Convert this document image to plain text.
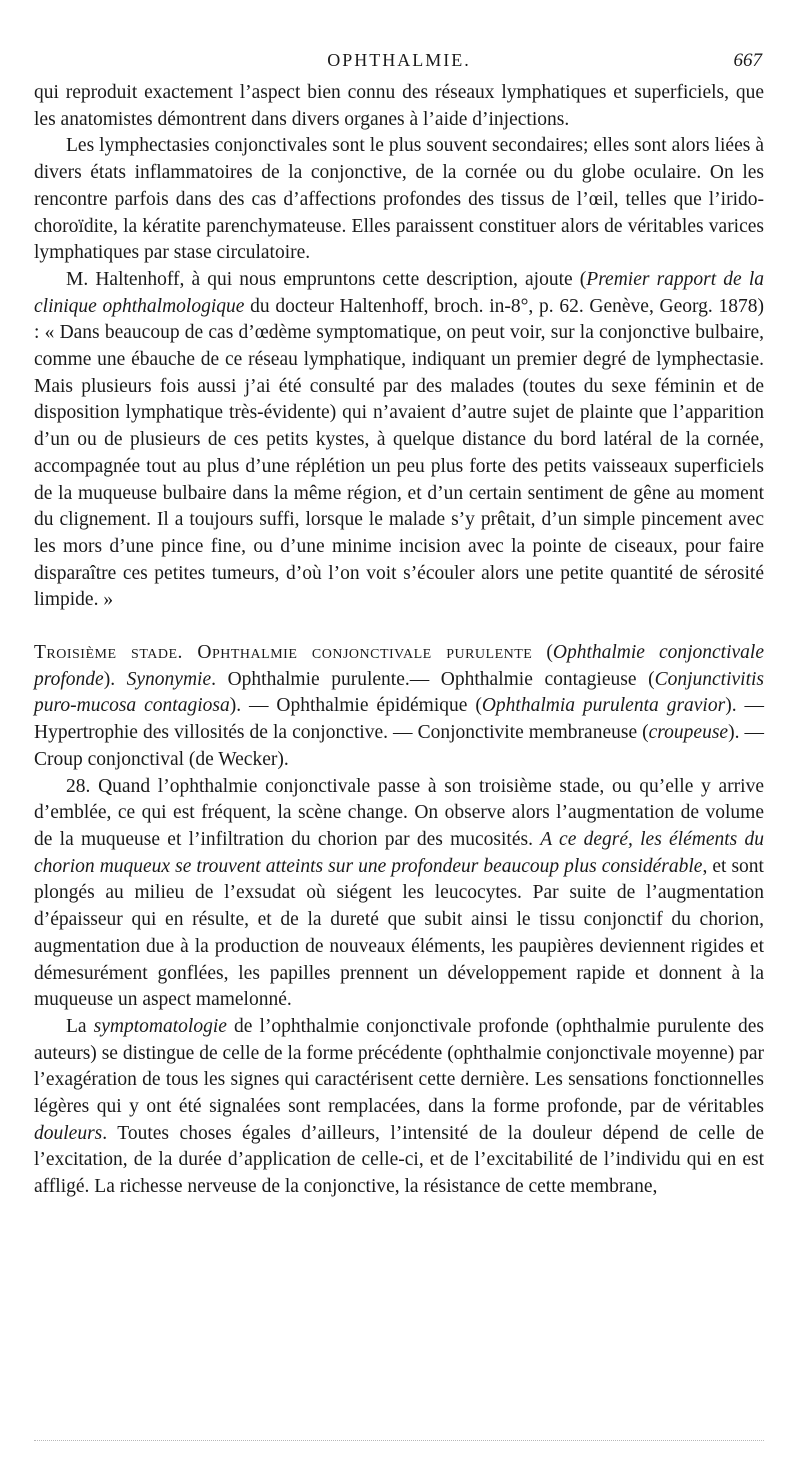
OPHTHALMIE.	667

qui reproduit exactement l’aspect bien connu des réseaux lymphatiques et superficiels, que les anatomistes démontrent dans divers organes à l’aide d’injections.

Les lymphectasies conjonctivales sont le plus souvent secondaires; elles sont alors liées à divers états inflammatoires de la conjonctive, de la cornée ou du globe oculaire. On les rencontre parfois dans des cas d’affections profondes des tissus de l’œil, telles que l’irido-choroïdite, la kératite parenchymateuse. Elles paraissent constituer alors de véritables varices lymphatiques par stase circulatoire.

M. Haltenhoff, à qui nous empruntons cette description, ajoute (Premier rapport de la clinique ophthalmologique du docteur Haltenhoff, broch. in-8°, p. 62. Genève, Georg. 1878) : « Dans beaucoup de cas d’œdème symptomatique, on peut voir, sur la conjonctive bulbaire, comme une ébauche de ce réseau lymphatique, indiquant un premier degré de lymphectasie. Mais plusieurs fois aussi j’ai été consulté par des malades (toutes du sexe féminin et de disposition lymphatique très-évidente) qui n’avaient d’autre sujet de plainte que l’apparition d’un ou de plusieurs de ces petits kystes, à quelque distance du bord latéral de la cornée, accompagnée tout au plus d’une réplétion un peu plus forte des petits vaisseaux superficiels de la muqueuse bulbaire dans la même région, et d’un certain sentiment de gêne au moment du clignement. Il a toujours suffi, lorsque le malade s’y prêtait, d’un simple pincement avec les mors d’une pince fine, ou d’une minime incision avec la pointe de ciseaux, pour faire disparaître ces petites tumeurs, d’où l’on voit s’écouler alors une petite quantité de sérosité limpide. »

Troisième stade. Ophthalmie conjonctivale purulente (Ophthalmie conjonctivale profonde). Synonymie. Ophthalmie purulente.— Ophthalmie contagieuse (Conjunctivitis puro-mucosa contagiosa). — Ophthalmie épidémique (Ophthalmia purulenta gravior). — Hypertrophie des villosités de la conjonctive. — Conjonctivite membraneuse (croupeuse). — Croup conjonctival (de Wecker).

28. Quand l’ophthalmie conjonctivale passe à son troisième stade, ou qu’elle y arrive d’emblée, ce qui est fréquent, la scène change. On observe alors l’augmentation de volume de la muqueuse et l’infiltration du chorion par des mucosités. A ce degré, les éléments du chorion muqueux se trouvent atteints sur une profondeur beaucoup plus considérable, et sont plongés au milieu de l’exsudat où siégent les leucocytes. Par suite de l’augmentation d’épaisseur qui en résulte, et de la dureté que subit ainsi le tissu conjonctif du chorion, augmentation due à la production de nouveaux éléments, les paupières deviennent rigides et démesurément gonflées, les papilles prennent un développement rapide et donnent à la muqueuse un aspect mamelonné.

La symptomatologie de l’ophthalmie conjonctivale profonde (ophthalmie purulente des auteurs) se distingue de celle de la forme précédente (ophthalmie conjonctivale moyenne) par l’exagération de tous les signes qui caractérisent cette dernière. Les sensations fonctionnelles légères qui y ont été signalées sont remplacées, dans la forme profonde, par de véritables douleurs. Toutes choses égales d’ailleurs, l’intensité de la douleur dépend de celle de l’excitation, de la durée d’application de celle-ci, et de l’excitabilité de l’individu qui en est affligé. La richesse nerveuse de la conjonctive, la résistance de cette membrane,
